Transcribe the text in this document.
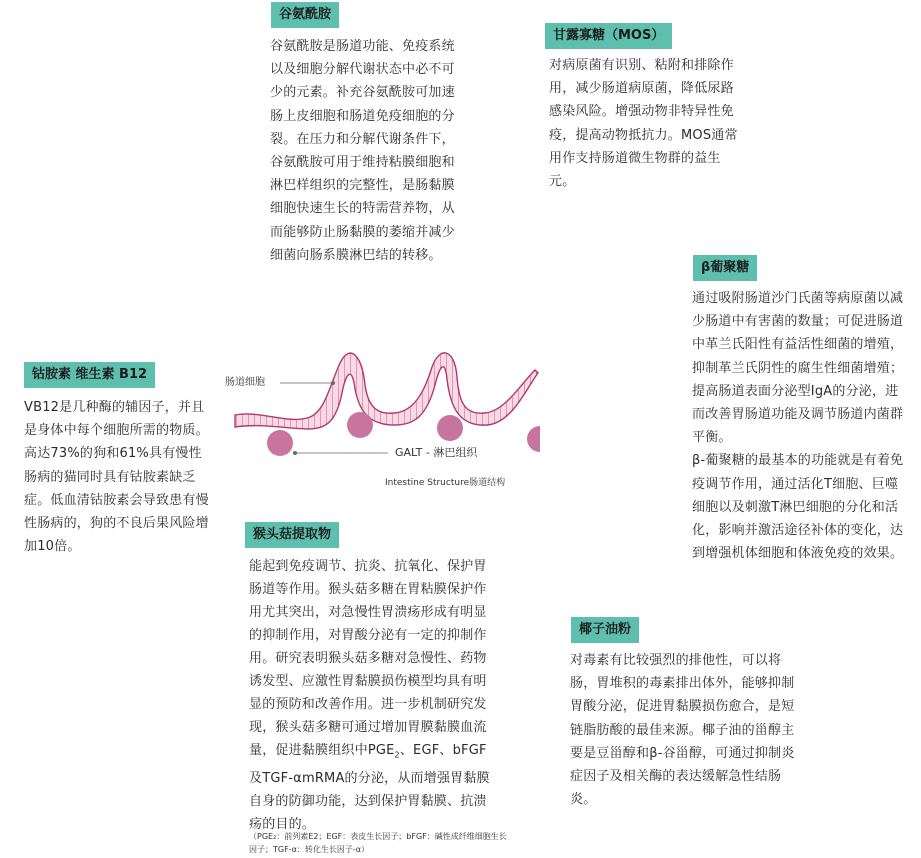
谷氨酰胺
谷氨酰胺是肠道功能、免疫系统以及细胞分解代谢状态中必不可少的元素。补充谷氨酰胺可加速肠上皮细胞和肠道免疫细胞的分裂。在压力和分解代谢条件下，谷氨酰胺可用于维持粘膜细胞和淋巴样组织的完整性，是肠黏膜细胞快速生长的特需营养物，从而能够防止肠黏膜的萎缩并减少细菌向肠系膜淋巴结的转移。
甘露寡糖（MOS）
对病原菌有识别、粘附和排除作用，减少肠道病原菌，降低尿路感染风险。增强动物非特异性免疫，提高动物抵抗力。MOS通常用作支持肠道微生物群的益生元。
β葡聚糖

通过吸附肠道沙门氏菌等病原菌以减少肠道中有害菌的数量；可促进肠道中革兰氏阳性有益活性细菌的增殖，抑制革兰氏阴性的腐生性细菌增殖；提高肠道表面分泌型IgA的分泌，进而改善胃肠道功能及调节肠道内菌群平衡。

β-葡聚糖的最基本的功能就是有着免疫调节作用，通过活化T细胞、巨噬细胞以及刺激T淋巴细胞的分化和活化，影响并激活途径补体的变化，达到增强机体细胞和体液免疫的效果。

钴胺素 维生素 B12
VB12是几种酶的辅因子，并且是身体中每个细胞所需的物质。高达73%的狗和61%具有慢性肠病的猫同时具有钴胺素缺乏症。低血清钴胺素会导致患有慢性肠病的，狗的不良后果风险增加10倍。
肠道细胞
GALT - 淋巴组织
Intestine Structure肠道结构
猴头菇提取物
能起到免疫调节、抗炎、抗氧化、保护胃肠道等作用。猴头菇多糖在胃粘膜保护作用尤其突出，对急慢性胃溃疡形成有明显的抑制作用，对胃酸分泌有一定的抑制作用。研究表明猴头菇多糖对急慢性、药物诱发型、应激性胃黏膜损伤模型均具有明显的预防和改善作用。进一步机制研究发现，猴头菇多糖可通过增加胃膜黏膜血流量，促进黏膜组织中$PGE_2$、EGF、bFGF及TGF-αmRMA的分泌，从而增强胃黏膜自身的防御功能，达到保护胃黏膜、抗溃疡的目的。
（PGE₂：前列素E2；EGF：表皮生长因子；bFGF：碱性成纤维细胞生长因子；TGF-α：转化生长因子-α）
椰子油粉
对毒素有比较强烈的排他性，可以将肠，胃堆积的毒素排出体外，能够抑制胃酸分泌，促进胃黏膜损伤愈合，是短链脂肪酸的最佳来源。椰子油的甾醇主要是豆甾醇和β-谷甾醇，可通过抑制炎症因子及相关酶的表达缓解急性结肠炎。
